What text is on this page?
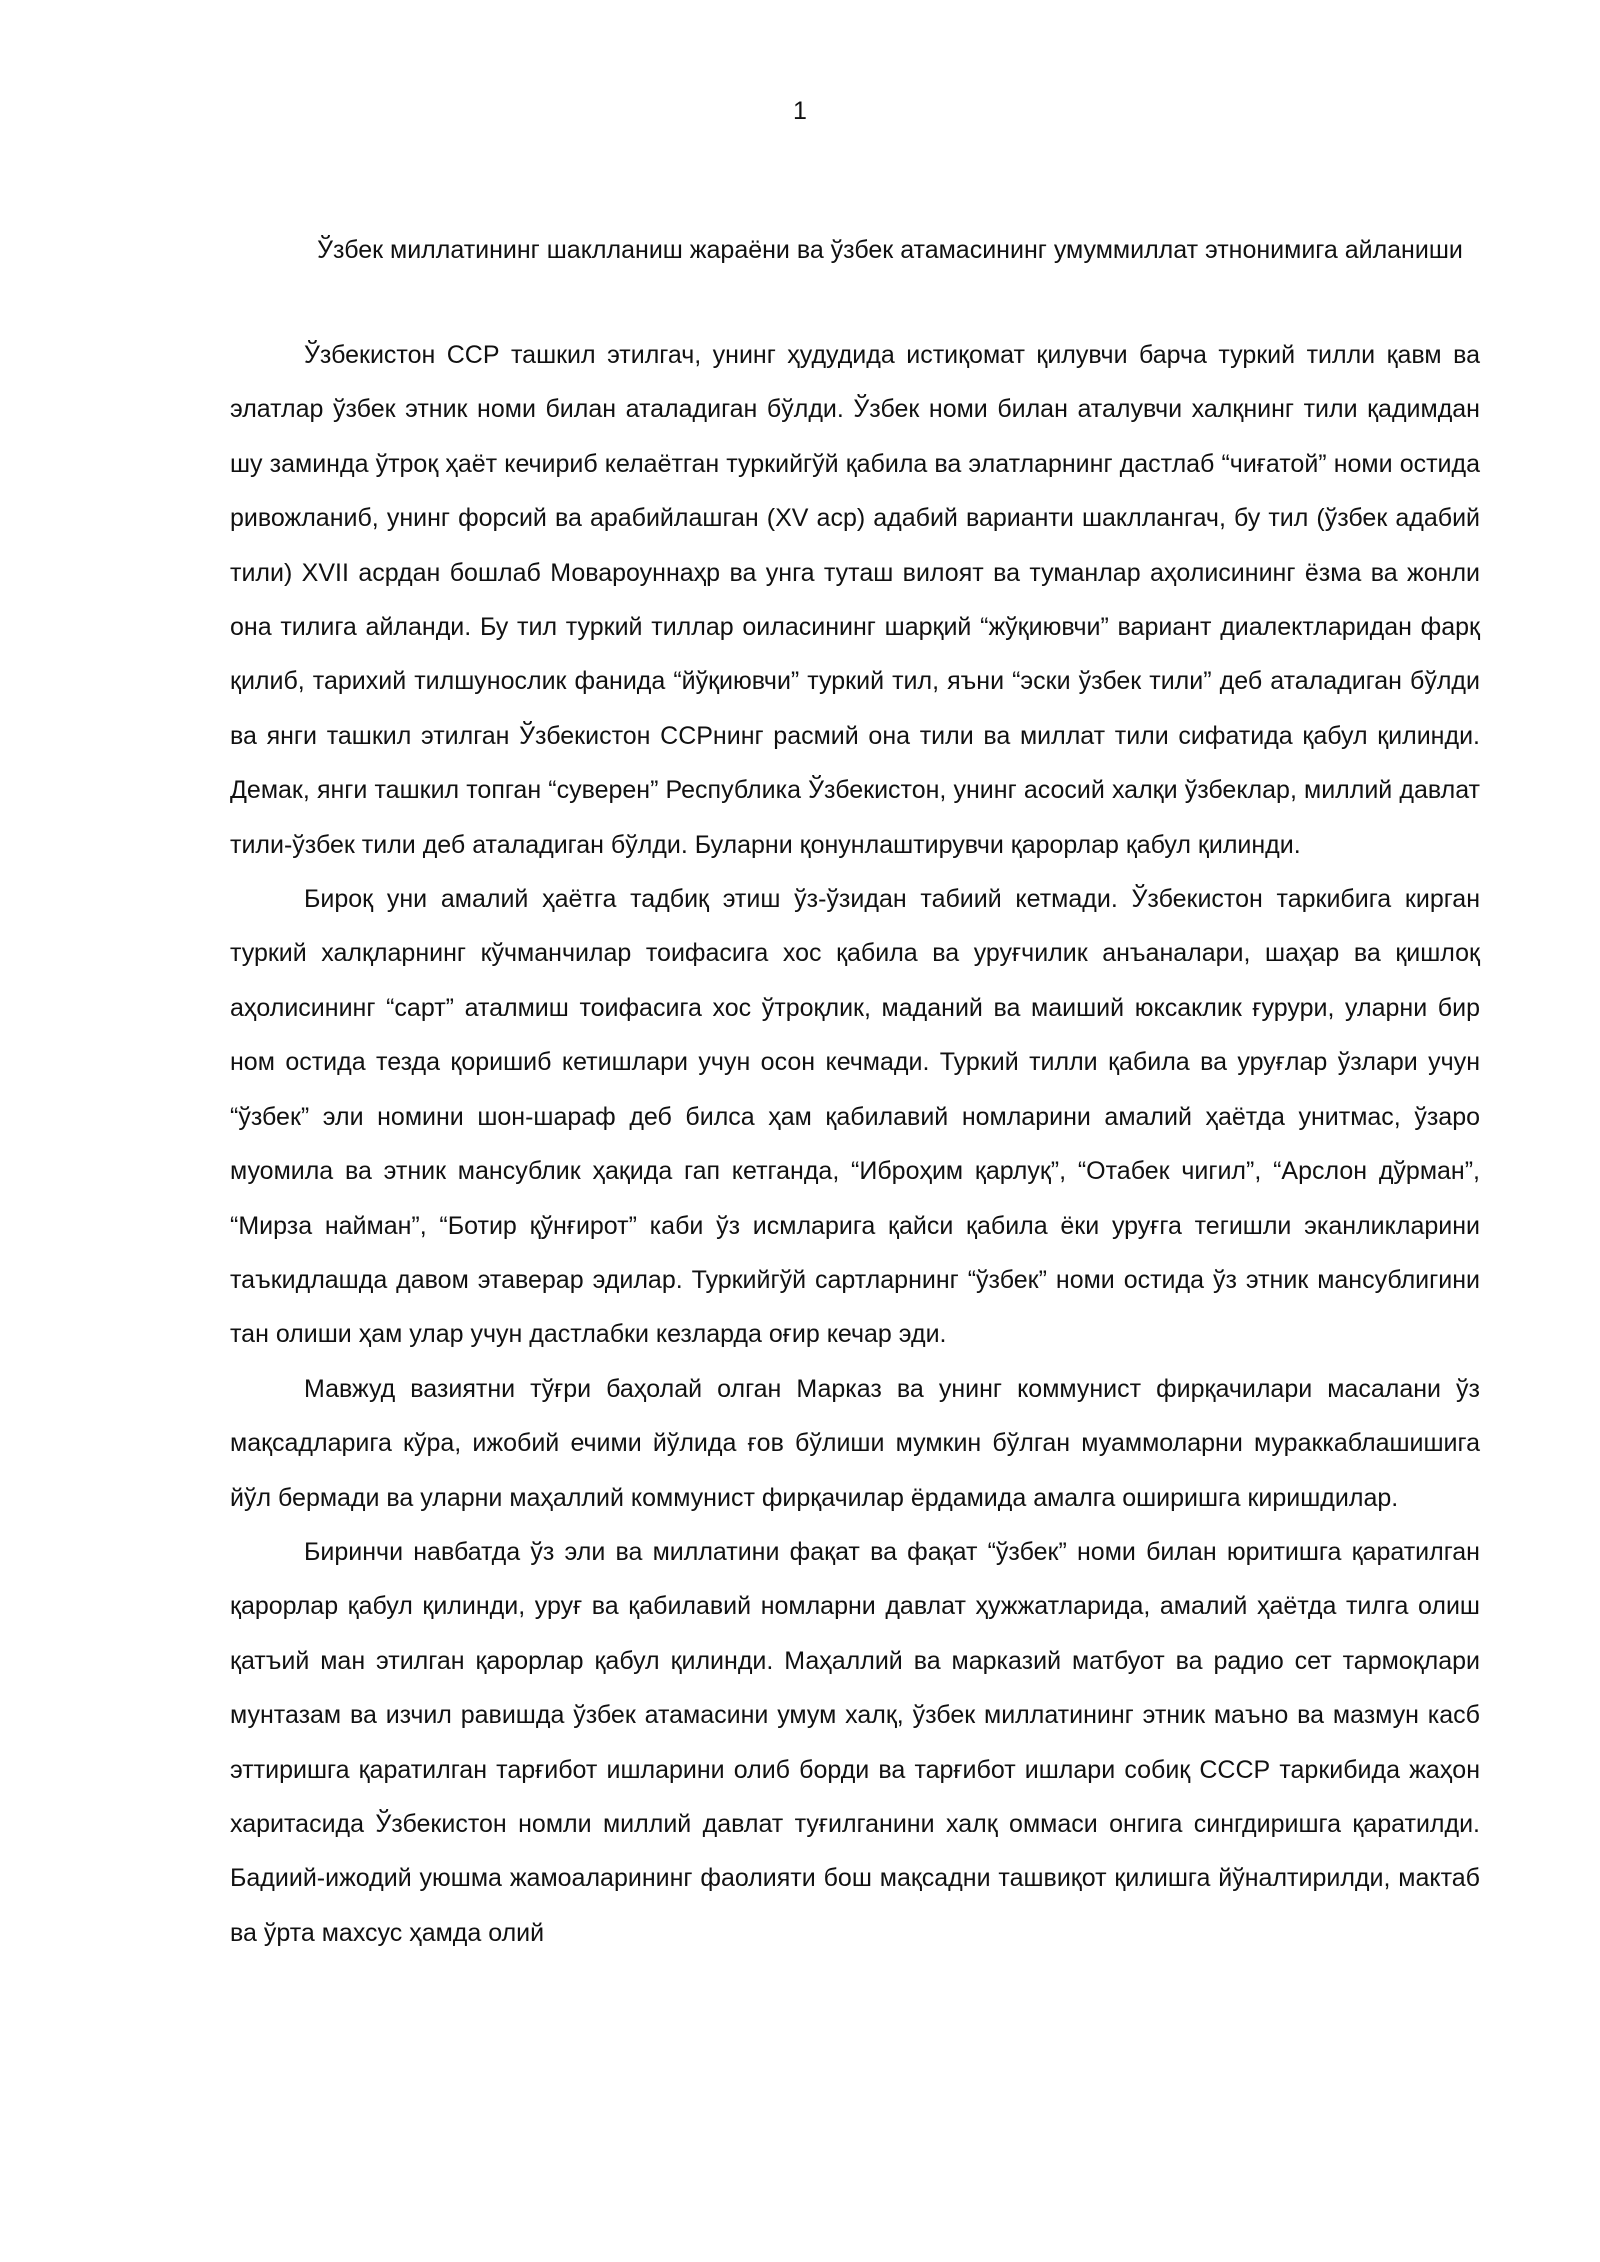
1
Ўзбек миллатининг шаклланиш жараёни ва ўзбек атамасининг умуммиллат этнонимига айланиши

Ўзбекистон ССР ташкил этилгач, унинг ҳудудида истиқомат қилувчи барча туркий тилли қавм ва элатлар ўзбек этник номи билан аталадиган бўлди. Ўзбек номи билан аталувчи халқнинг тили қадимдан шу заминда ўтроқ ҳаёт кечириб келаётган туркийгўй қабила ва элатларнинг дастлаб “чиғатой” номи остида ривожланиб, унинг форсий ва арабийлашган (XV аср) адабий варианти шакллангач, бу тил (ўзбек адабий тили) XVII асрдан бошлаб Мовароуннаҳр ва унга туташ вилоят ва туманлар аҳолисининг ёзма ва жонли она тилига айланди. Бу тил туркий тиллар оиласининг шарқий “жўқиювчи” вариант диалектларидан фарқ қилиб, тарихий тилшунослик фанида “йўқиювчи” туркий тил, яъни “эски ўзбек тили” деб аталадиган бўлди ва янги ташкил этилган Ўзбекистон ССРнинг расмий она тили ва миллат тили сифатида қабул қилинди. Демак, янги ташкил топган “суверен” Республика Ўзбекистон, унинг асосий халқи ўзбеклар, миллий давлат тили-ўзбек тили деб аталадиган бўлди. Буларни қонунлаштирувчи қарорлар қабул қилинди.

Бироқ уни амалий ҳаётга тадбиқ этиш ўз-ўзидан табиий кетмади. Ўзбекистон таркибига кирган туркий халқларнинг кўчманчилар тоифасига хос қабила ва уруғчилик анъаналари, шаҳар ва қишлоқ аҳолисининг “сарт” аталмиш тоифасига хос ўтроқлик, маданий ва маиший юксаклик ғурури, уларни бир ном остида тезда қоришиб кетишлари учун осон кечмади. Туркий тилли қабила ва уруғлар ўзлари учун “ўзбек” эли номини шон-шараф деб билса ҳам қабилавий номларини амалий ҳаётда унитмас, ўзаро муомила ва этник мансублик ҳақида гап кетганда, “Иброҳим қарлуқ”, “Отабек чигил”, “Арслон дўрман”, “Мирза найман”, “Ботир қўнғирот” каби ўз исмларига қайси қабила ёки уруғга тегишли эканликларини таъкидлашда давом этаверар эдилар. Туркийгўй сартларнинг “ўзбек” номи остида ўз этник мансублигини тан олиши ҳам улар учун дастлабки кезларда оғир кечар эди.

Мавжуд вазиятни тўғри баҳолай олган Марказ ва унинг коммунист фирқачилари масалани ўз мақсадларига кўра, ижобий ечими йўлида ғов бўлиши мумкин бўлган муаммоларни мураккаблашишига йўл бермади ва уларни маҳаллий коммунист фирқачилар ёрдамида амалга оширишга киришдилар.

Биринчи навбатда ўз эли ва миллатини фақат ва фақат “ўзбек” номи билан юритишга қаратилган қарорлар қабул қилинди, уруғ ва қабилавий номларни давлат ҳужжатларида, амалий ҳаётда тилга олиш қатъий ман этилган қарорлар қабул қилинди. Маҳаллий ва марказий матбуот ва радио сет тармоқлари мунтазам ва изчил равишда ўзбек атамасини умум халқ, ўзбек миллатининг этник маъно ва мазмун касб эттиришга қаратилган тарғибот ишларини олиб борди ва тарғибот ишлари собиқ СССР таркибида жаҳон харитасида Ўзбекистон номли миллий давлат туғилганини халқ оммаси онгига сингдиришга қаратилди. Бадиий-ижодий уюшма жамоаларининг фаолияти бош мақсадни ташвиқот қилишга йўналтирилди, мактаб ва ўрта махсус ҳамда олий
